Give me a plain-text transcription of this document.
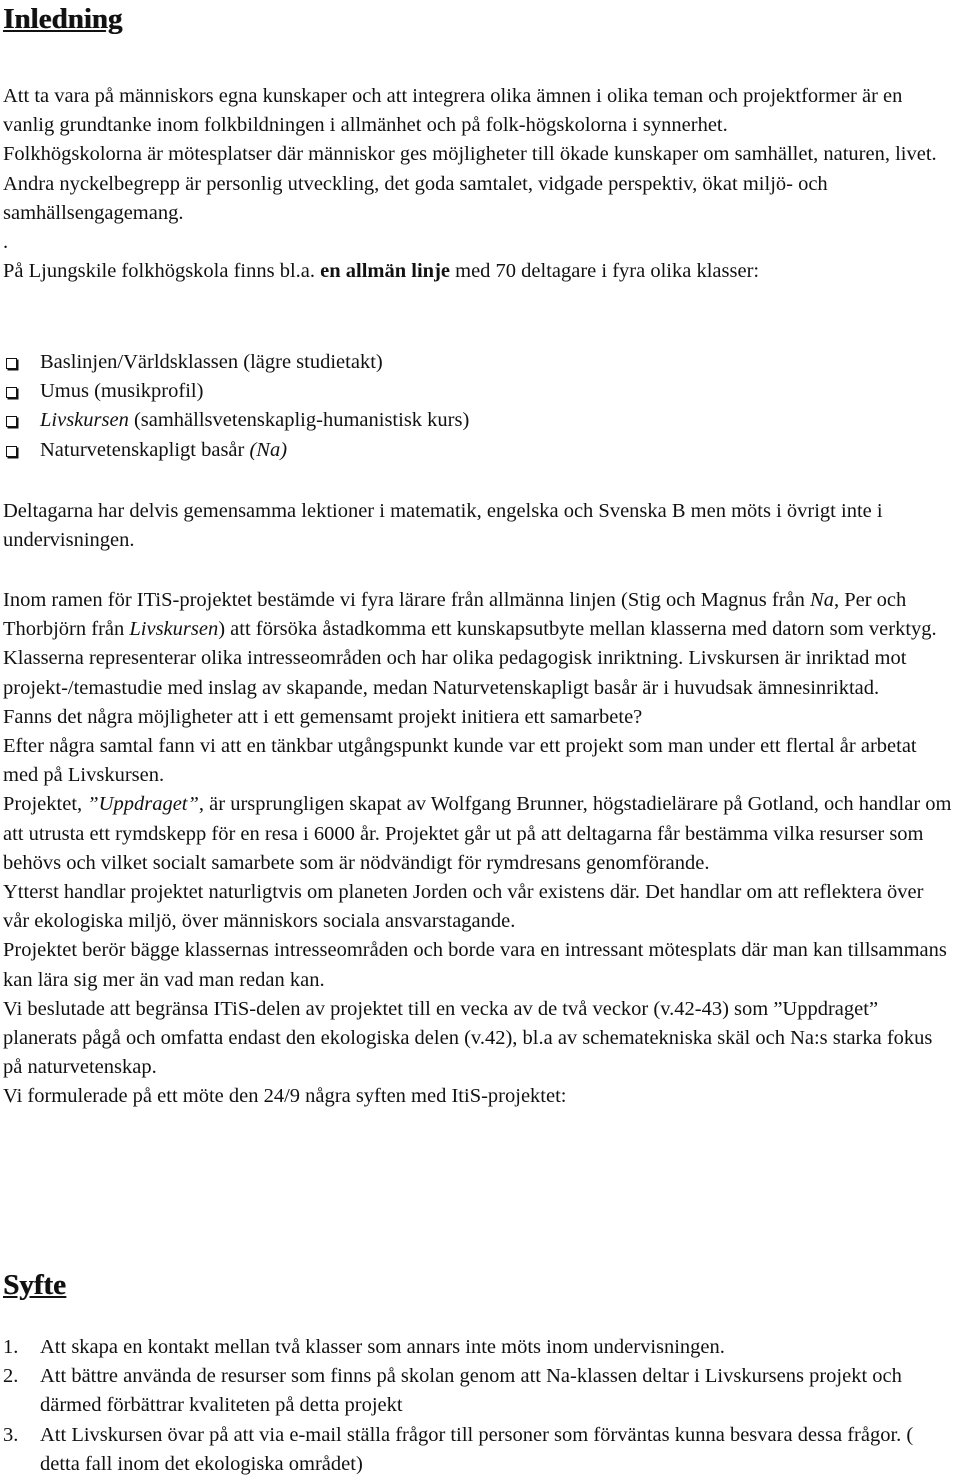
Inledning

Att ta vara på människors egna kunskaper och att integrera olika ämnen i olika teman och projektformer är en vanlig grundtanke inom folkbildningen i allmänhet och på folk-högskolorna i synnerhet.

Folkhögskolorna är mötesplatser där människor ges möjligheter till ökade kunskaper om samhället, naturen, livet. Andra nyckelbegrepp är personlig utveckling, det goda samtalet, vidgade perspektiv, ökat miljö- och samhällsengagemang.

.

På Ljungskile folkhögskola finns bl.a. en allmän linje med 70 deltagare i fyra olika klasser:

Baslinjen/Världsklassen (lägre studietakt)
Umus (musikprofil)
Livskursen (samhällsvetenskaplig-humanistisk kurs)
Naturvetenskapligt basår (Na)

Deltagarna har delvis gemensamma lektioner i matematik, engelska och Svenska B men möts i övrigt inte i undervisningen.

Inom ramen för ITiS-projektet bestämde vi fyra lärare från allmänna linjen (Stig och Magnus från Na, Per och Thorbjörn från Livskursen) att försöka åstadkomma ett kunskapsutbyte mellan klasserna med datorn som verktyg.

Klasserna representerar olika intresseområden och har olika pedagogisk inriktning. Livskursen är inriktad mot projekt-/temastudie med inslag av skapande, medan Naturvetenskapligt basår är i huvudsak ämnesinriktad.

Fanns det några möjligheter att i ett gemensamt projekt initiera ett samarbete?

Efter några samtal fann vi att en tänkbar utgångspunkt kunde var ett projekt som man under ett flertal år arbetat med på Livskursen.

Projektet, ”Uppdraget”, är ursprungligen skapat av Wolfgang Brunner, högstadielärare på Gotland, och handlar om att utrusta ett rymdskepp för en resa i 6000 år. Projektet går ut på att deltagarna får bestämma vilka resurser som behövs och vilket socialt samarbete som är nödvändigt för rymdresans genomförande.

Ytterst handlar projektet naturligtvis om planeten Jorden och vår existens där. Det handlar om att reflektera över vår ekologiska miljö, över människors sociala ansvarstagande.

Projektet berör bägge klassernas intresseområden och borde vara en intressant mötesplats där man kan tillsammans kan lära sig mer än vad man redan kan.

Vi beslutade att begränsa ITiS-delen av projektet till en vecka av de två veckor (v.42-43) som ”Uppdraget” planerats pågå och omfatta endast den ekologiska delen (v.42), bl.a av schematekniska skäl och Na:s starka fokus på naturvetenskap.

Vi formulerade på ett möte den 24/9 några syften med ItiS-projektet:

Syfte
1. Att skapa en kontakt mellan två klasser som annars inte möts inom undervisningen.
2. Att bättre använda de resurser som finns på skolan genom att Na-klassen deltar i Livskursens projekt och därmed förbättrar kvaliteten på detta projekt
3. Att Livskursen övar på att via e-mail ställa frågor till personer som förväntas kunna besvara dessa frågor. ( detta fall inom det ekologiska området)
